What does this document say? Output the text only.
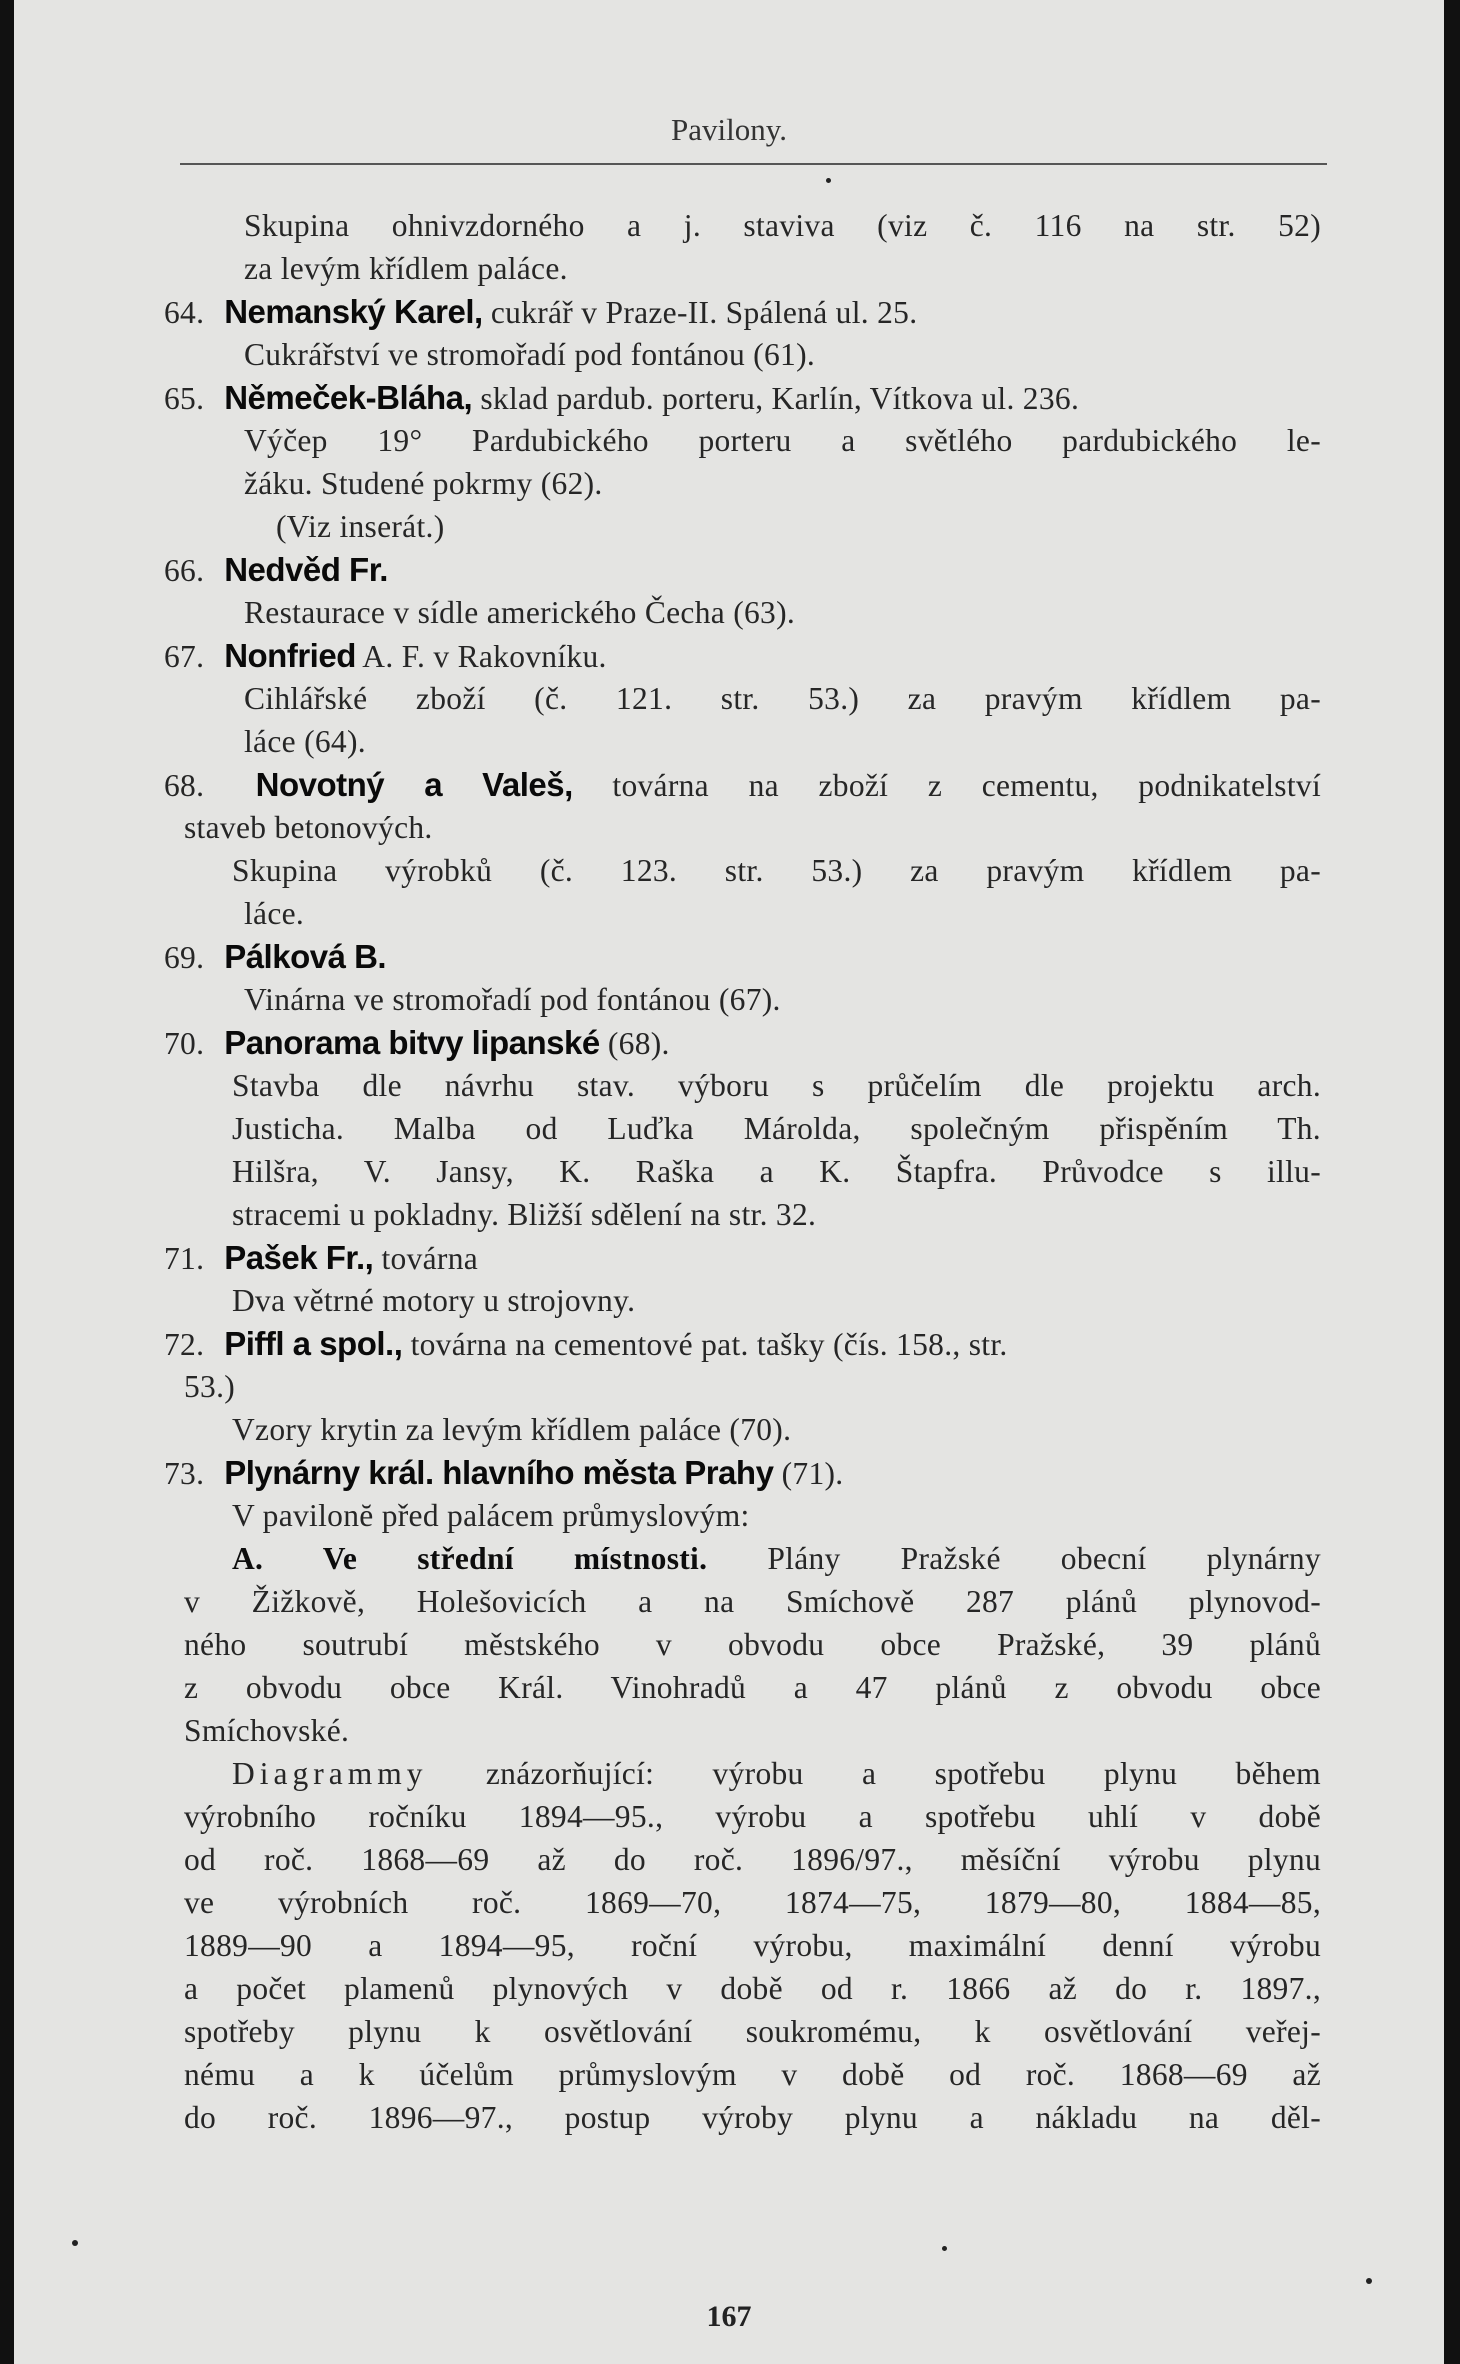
Pavilony.
Skupina ohnivzdorného a j. staviva (viz č. 116 na str. 52)
za levým křídlem paláce.
64. Nemanský Karel, cukrář v Praze-II. Spálená ul. 25.
Cukrářství ve stromořadí pod fontánou (61).
65. Němeček-Bláha, sklad pardub. porteru, Karlín, Vítkova ul. 236.
Výčep 19° Pardubického porteru a světlého pardubického le-
žáku. Studené pokrmy (62).
(Viz inserát.)
66. Nedvěd Fr.
Restaurace v sídle amerického Čecha (63).
67. Nonfried A. F. v Rakovníku.
Cihlářské zboží (č. 121. str. 53.) za pravým křídlem pa-
láce (64).
68. Novotný a Valeš, továrna na zboží z cementu, podnikatelství
staveb betonových.
Skupina výrobků (č. 123. str. 53.) za pravým křídlem pa-
láce.
69. Pálková B.
Vinárna ve stromořadí pod fontánou (67).
70. Panorama bitvy lipanské (68).
Stavba dle návrhu stav. výboru s průčelím dle projektu arch.
Justicha. Malba od Luďka Márolda, společným přispěním Th.
Hilšra, V. Jansy, K. Raška a K. Štapfra. Průvodce s illu-
stracemi u pokladny. Bližší sdělení na str. 32.
71. Pašek Fr., továrna
Dva větrné motory u strojovny.
72. Piffl a spol., továrna na cementové pat. tašky (čís. 158., str.
53.)
Vzory krytin za levým křídlem paláce (70).
73. Plynárny král. hlavního města Prahy (71).
V pavilonĕ před palácem průmyslovým:
A. Ve střední místnosti. Plány Pražské obecní plynárny
v Žižkově, Holešovicích a na Smíchově 287 plánů plynovod-
ného soutrubí městského v obvodu obce Pražské, 39 plánů
z obvodu obce Král. Vinohradů a 47 plánů z obvodu obce
Smíchovské.
Diagrammy znázorňující: výrobu a spotřebu plynu během
výrobního ročníku 1894—95., výrobu a spotřebu uhlí v době
od roč. 1868—69 až do roč. 1896/97., měsíční výrobu plynu
ve výrobních roč. 1869—70, 1874—75, 1879—80, 1884—85,
1889—90 a 1894—95, roční výrobu, maximální denní výrobu
a počet plamenů plynových v době od r. 1866 až do r. 1897.,
spotřeby plynu k osvětlování soukromému, k osvětlování veřej-
nému a k účelům průmyslovým v době od roč. 1868—69 až
do roč. 1896—97., postup výroby plynu a nákladu na děl-
167
